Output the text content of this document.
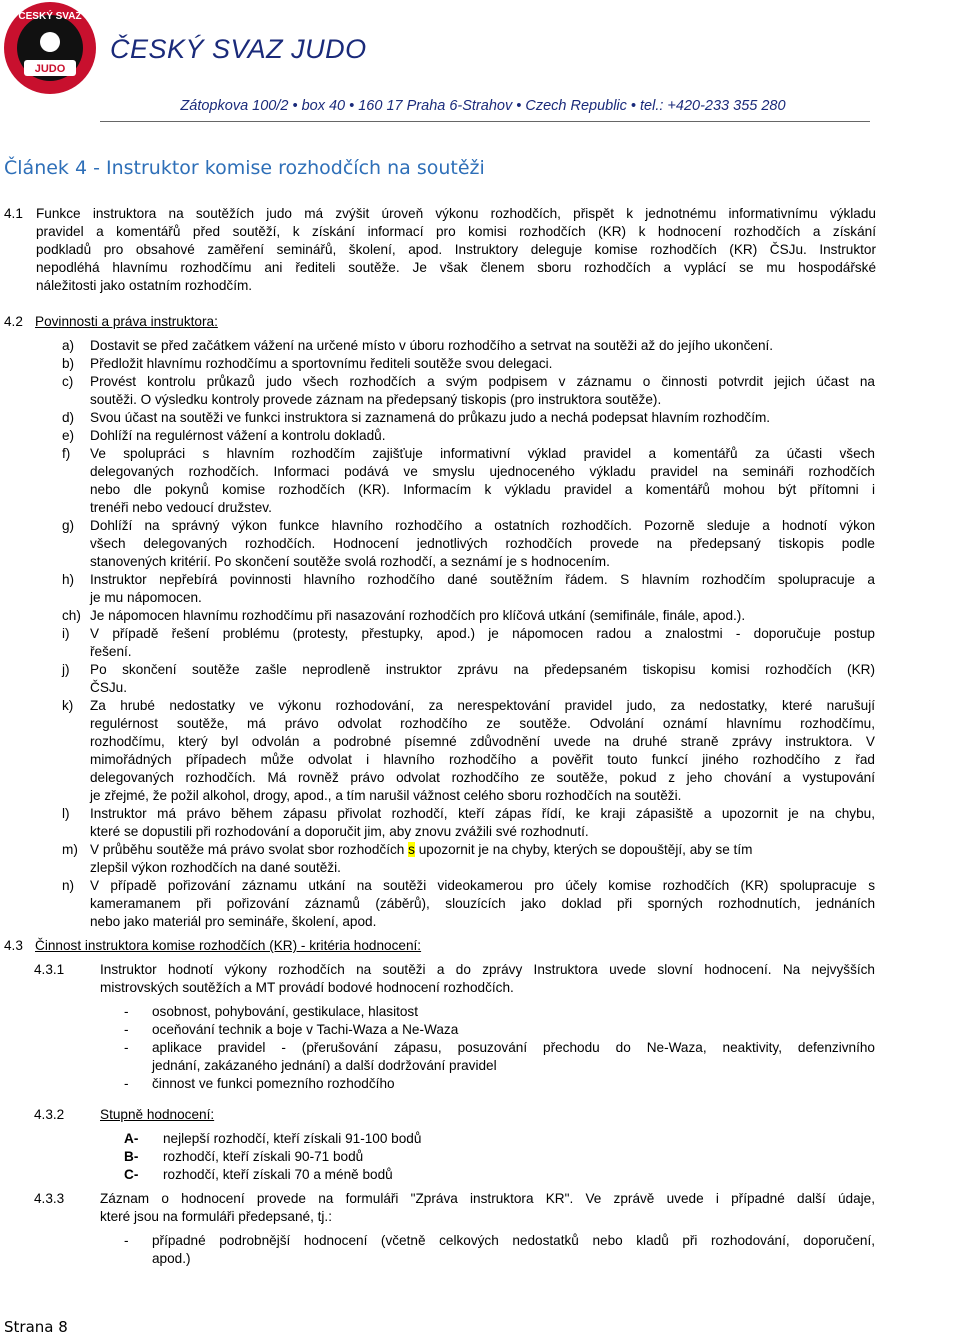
JUDO
ČESKÝ SVAZ
ČESKÝ SVAZ JUDO
Zátopkova 100/2 • box 40 • 160 17 Praha 6-Strahov • Czech Republic • tel.: +420-233 355 280
Článek 4 - Instruktor komise rozhodčích na soutěži
4.1 Funkce instruktora na soutěžích judo má zvýšit úroveň výkonu rozhodčích, přispět k jednotnému informativnímu výkladu
pravidel a komentářů před soutěží, k získání informací pro komisi rozhodčích (KR) k hodnocení rozhodčích a získání
podkladů pro obsahové zaměření seminářů, školení, apod. Instruktory deleguje komise rozhodčích (KR) ČSJu. Instruktor
nepodléhá hlavnímu rozhodčímu ani řediteli soutěže. Je však členem sboru rozhodčích a vyplácí se mu hospodářské
náležitosti jako ostatním rozhodčím.
4.2 Povinnosti a práva instruktora:
a) Dostavit se před začátkem vážení na určené místo v úboru rozhodčího a setrvat na soutěži až do jejího ukončení.
b) Předložit hlavnímu rozhodčímu a sportovnímu řediteli soutěže svou delegaci.
c) Provést kontrolu průkazů judo všech rozhodčích a svým podpisem v záznamu o činnosti potvrdit jejich účast na
soutěži. O výsledku kontroly provede záznam na předepsaný tiskopis (pro instruktora soutěže).
d) Svou účast na soutěži ve funkci instruktora si zaznamená do průkazu judo a nechá podepsat hlavním rozhodčím.
e) Dohlíží na regulérnost vážení a kontrolu dokladů.
f) Ve spolupráci s hlavním rozhodčím zajišťuje informativní výklad pravidel a komentářů za účasti všech
delegovaných rozhodčích. Informaci podává ve smyslu ujednoceného výkladu pravidel na semináři rozhodčích
nebo dle pokynů komise rozhodčích (KR). Informacím k výkladu pravidel a komentářů mohou být přítomni i
trenéři nebo vedoucí družstev.
g) Dohlíží na správný výkon funkce hlavního rozhodčího a ostatních rozhodčích. Pozorně sleduje a hodnotí výkon
všech delegovaných rozhodčích. Hodnocení jednotlivých rozhodčích provede na předepsaný tiskopis podle
stanovených kritérií. Po skončení soutěže svolá rozhodčí, a seznámí je s hodnocením.
h) Instruktor nepřebírá povinnosti hlavního rozhodčího dané soutěžním řádem. S hlavním rozhodčím spolupracuje a
je mu nápomocen.
ch) Je nápomocen hlavnímu rozhodčímu při nasazování rozhodčích pro klíčová utkání (semifinále, finále, apod.).
i) V případě řešení problému (protesty, přestupky, apod.) je nápomocen radou a znalostmi - doporučuje postup
řešení.
j) Po skončení soutěže zašle neprodleně instruktor zprávu na předepsaném tiskopisu komisi rozhodčích (KR)
ČSJu.
k) Za hrubé nedostatky ve výkonu rozhodování, za nerespektování pravidel judo, za nedostatky, které narušují
regulérnost soutěže, má právo odvolat rozhodčího ze soutěže. Odvolání oznámí hlavnímu rozhodčímu,
rozhodčímu, který byl odvolán a podrobné písemné zdůvodnění uvede na druhé straně zprávy instruktora. V
mimořádných případech může odvolat i hlavního rozhodčího a pověřit touto funkcí jiného rozhodčího z řad
delegovaných rozhodčích. Má rovněž právo odvolat rozhodčího ze soutěže, pokud z jeho chování a vystupování
je zřejmé, že požil alkohol, drogy, apod., a tím narušil vážnost celého sboru rozhodčích na soutěži.
l) Instruktor má právo během zápasu přivolat rozhodčí, kteří zápas řídí, ke kraji zápasiště a upozornit je na chybu,
které se dopustili při rozhodování a doporučit jim, aby znovu zvážili své rozhodnutí.
m) V průběhu soutěže má právo svolat sbor rozhodčích s upozornit je na chyby, kterých se dopouštějí, aby se tím
zlepšil výkon rozhodčích na dané soutěži.
n) V případě pořizování záznamu utkání na soutěži videokamerou pro účely komise rozhodčích (KR) spolupracuje s
kameramanem při pořizování záznamů (záběrů), slouzících jako doklad při sporných rozhodnutích, jednáních
nebo jako materiál pro semináře, školení, apod.
4.3 Činnost instruktora komise rozhodčích (KR) - kritéria hodnocení:
4.3.1	Instruktor hodnotí výkony rozhodčích na soutěži a do zprávy Instruktora uvede slovní hodnocení. Na nejvyšších
mistrovských soutěžích a MT provádí bodové hodnocení rozhodčích.
- osobnost, pohybování, gestikulace, hlasitost
- oceňování technik a boje v Tachi-Waza a Ne-Waza
- aplikace pravidel - (přerušování zápasu, posuzování přechodu do Ne-Waza, neaktivity, defenzivního
jednání, zakázaného jednání) a další dodržování pravidel
- činnost ve funkci pomezního rozhodčího
4.3.2	Stupně hodnocení:
A- nejlepší rozhodčí, kteří získali 91-100 bodů
B- rozhodčí, kteří získali 90-71 bodů
C- rozhodčí, kteří získali 70 a méně bodů
4.3.3	Záznam o hodnocení provede na formuláři "Zpráva instruktora KR". Ve zprávě uvede i případné další údaje,
které jsou na formuláři předepsané, tj.:
- případné podrobnější hodnocení (včetně celkových nedostatků nebo kladů při rozhodování, doporučení,
apod.)
Strana 8
